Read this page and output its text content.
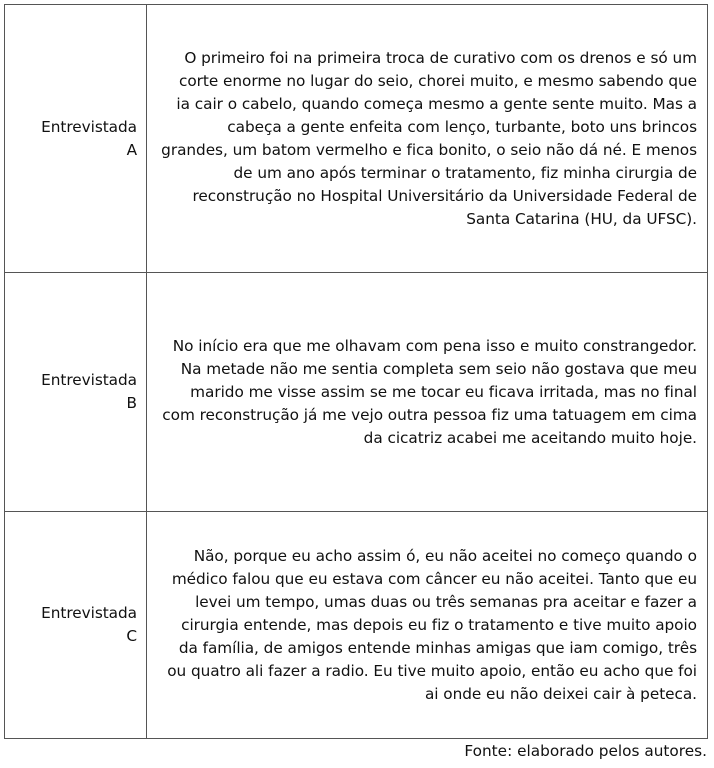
Entrevistada
A	O primeiro foi na primeira troca de curativo com os drenos e só um corte enorme no lugar do seio, chorei muito, e mesmo sabendo que ia cair o cabelo, quando começa mesmo a gente sente muito. Mas a cabeça a gente enfeita com lenço, turbante, boto uns brincos grandes, um batom vermelho e fica bonito, o seio não dá né. E menos de um ano após terminar o tratamento, fiz minha cirurgia de reconstrução no Hospital Universitário da Universidade Federal de Santa Catarina (HU, da UFSC).

Entrevistada
B	No início era que me olhavam com pena isso e muito constrangedor. Na metade não me sentia completa sem seio não gostava que meu marido me visse assim se me tocar eu ficava irritada, mas no final com reconstrução já me vejo outra pessoa fiz uma tatuagem em cima da cicatriz acabei me aceitando muito hoje.

Entrevistada
C	Não, porque eu acho assim ó, eu não aceitei no começo quando o médico falou que eu estava com câncer eu não aceitei. Tanto que eu levei um tempo, umas duas ou três semanas pra aceitar e fazer a cirurgia entende, mas depois eu fiz o tratamento e tive muito apoio da família, de amigos entende minhas amigas que iam comigo, três ou quatro ali fazer a radio. Eu tive muito apoio, então eu acho que foi ai onde eu não deixei cair à peteca.
Fonte: elaborado pelos autores.
